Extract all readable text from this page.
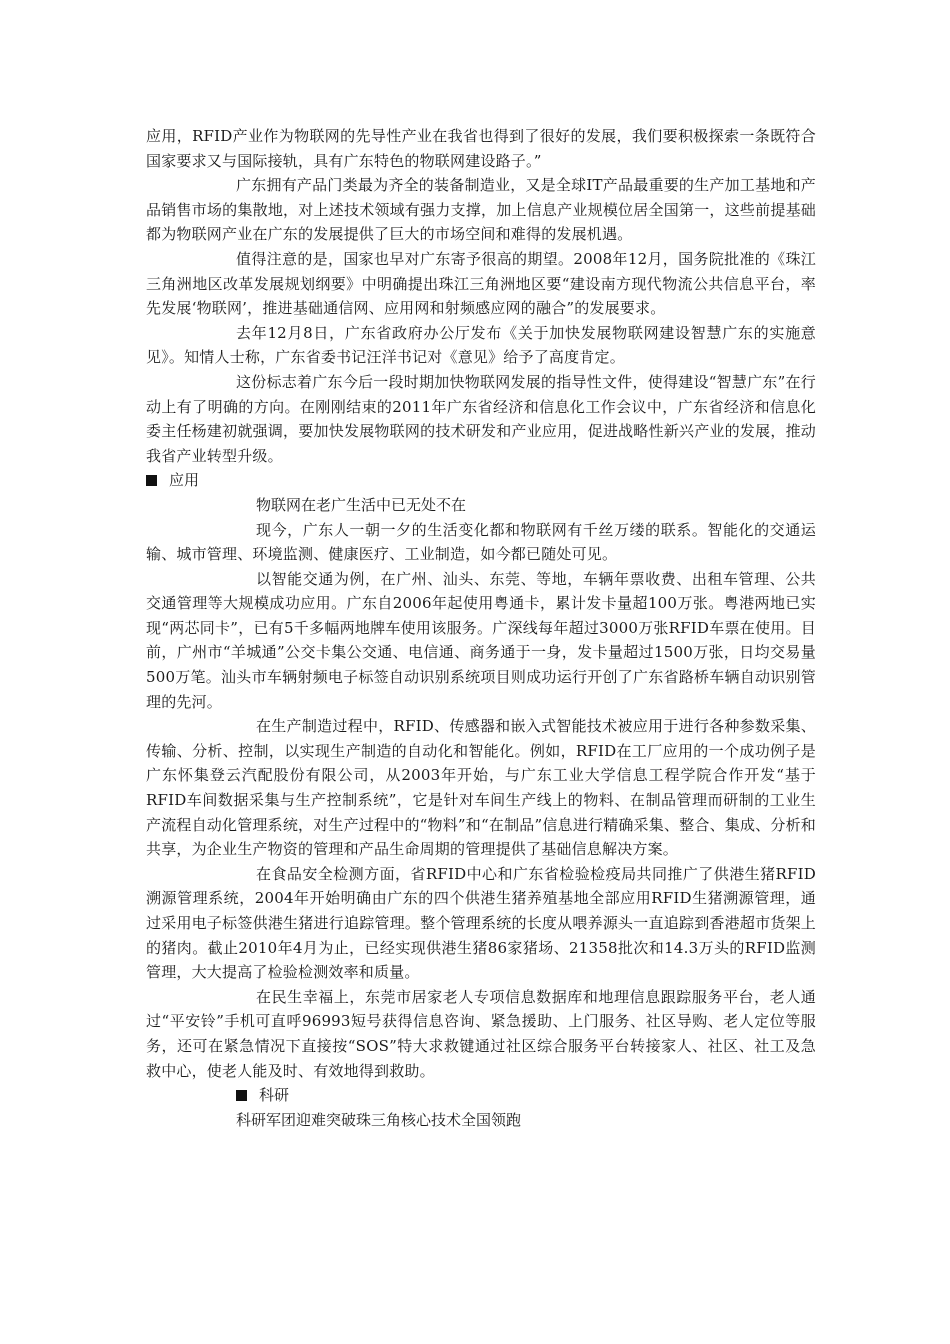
应用，RFID产业作为物联网的先导性产业在我省也得到了很好的发展，我们要积极探索一条既符合国家要求又与国际接轨，具有广东特色的物联网建设路子。”

广东拥有产品门类最为齐全的装备制造业，又是全球IT产品最重要的生产加工基地和产品销售市场的集散地，对上述技术领域有强力支撑，加上信息产业规模位居全国第一，这些前提基础都为物联网产业在广东的发展提供了巨大的市场空间和难得的发展机遇。

值得注意的是，国家也早对广东寄予很高的期望。2008年12月，国务院批准的《珠江三角洲地区改革发展规划纲要》中明确提出珠江三角洲地区要“建设南方现代物流公共信息平台，率先发展‘物联网’，推进基础通信网、应用网和射频感应网的融合”的发展要求。

去年12月8日，广东省政府办公厅发布《关于加快发展物联网建设智慧广东的实施意见》。知情人士称，广东省委书记汪洋书记对《意见》给予了高度肯定。

这份标志着广东今后一段时期加快物联网发展的指导性文件，使得建设“智慧广东”在行动上有了明确的方向。在刚刚结束的2011年广东省经济和信息化工作会议中，广东省经济和信息化委主任杨建初就强调，要加快发展物联网的技术研发和产业应用，促进战略性新兴产业的发展，推动我省产业转型升级。

应用

物联网在老广生活中已无处不在

现今，广东人一朝一夕的生活变化都和物联网有千丝万缕的联系。智能化的交通运输、城市管理、环境监测、健康医疗、工业制造，如今都已随处可见。

以智能交通为例，在广州、汕头、东莞、等地，车辆年票收费、出租车管理、公共交通管理等大规模成功应用。广东自2006年起使用粤通卡，累计发卡量超100万张。粤港两地已实现“两芯同卡”，已有5千多幅两地牌车使用该服务。广深线每年超过3000万张RFID车票在使用。目前，广州市“羊城通”公交卡集公交通、电信通、商务通于一身，发卡量超过1500万张，日均交易量500万笔。汕头市车辆射频电子标签自动识别系统项目则成功运行开创了广东省路桥车辆自动识别管理的先河。

在生产制造过程中，RFID、传感器和嵌入式智能技术被应用于进行各种参数采集、传输、分析、控制，以实现生产制造的自动化和智能化。例如，RFID在工厂应用的一个成功例子是广东怀集登云汽配股份有限公司，从2003年开始，与广东工业大学信息工程学院合作开发“基于RFID车间数据采集与生产控制系统”，它是针对车间生产线上的物料、在制品管理而研制的工业生产流程自动化管理系统，对生产过程中的“物料”和“在制品”信息进行精确采集、整合、集成、分析和共享，为企业生产物资的管理和产品生命周期的管理提供了基础信息解决方案。

在食品安全检测方面，省RFID中心和广东省检验检疫局共同推广了供港生猪RFID溯源管理系统，2004年开始明确由广东的四个供港生猪养殖基地全部应用RFID生猪溯源管理，通过采用电子标签供港生猪进行追踪管理。整个管理系统的长度从喂养源头一直追踪到香港超市货架上的猪肉。截止2010年4月为止，已经实现供港生猪86家猪场、21358批次和14.3万头的RFID监测管理，大大提高了检验检测效率和质量。

在民生幸福上，东莞市居家老人专项信息数据库和地理信息跟踪服务平台，老人通过“平安铃”手机可直呼96993短号获得信息咨询、紧急援助、上门服务、社区导购、老人定位等服务，还可在紧急情况下直接按“SOS”特大求救键通过社区综合服务平台转接家人、社区、社工及急救中心，使老人能及时、有效地得到救助。

科研

科研军团迎难突破珠三角核心技术全国领跑
